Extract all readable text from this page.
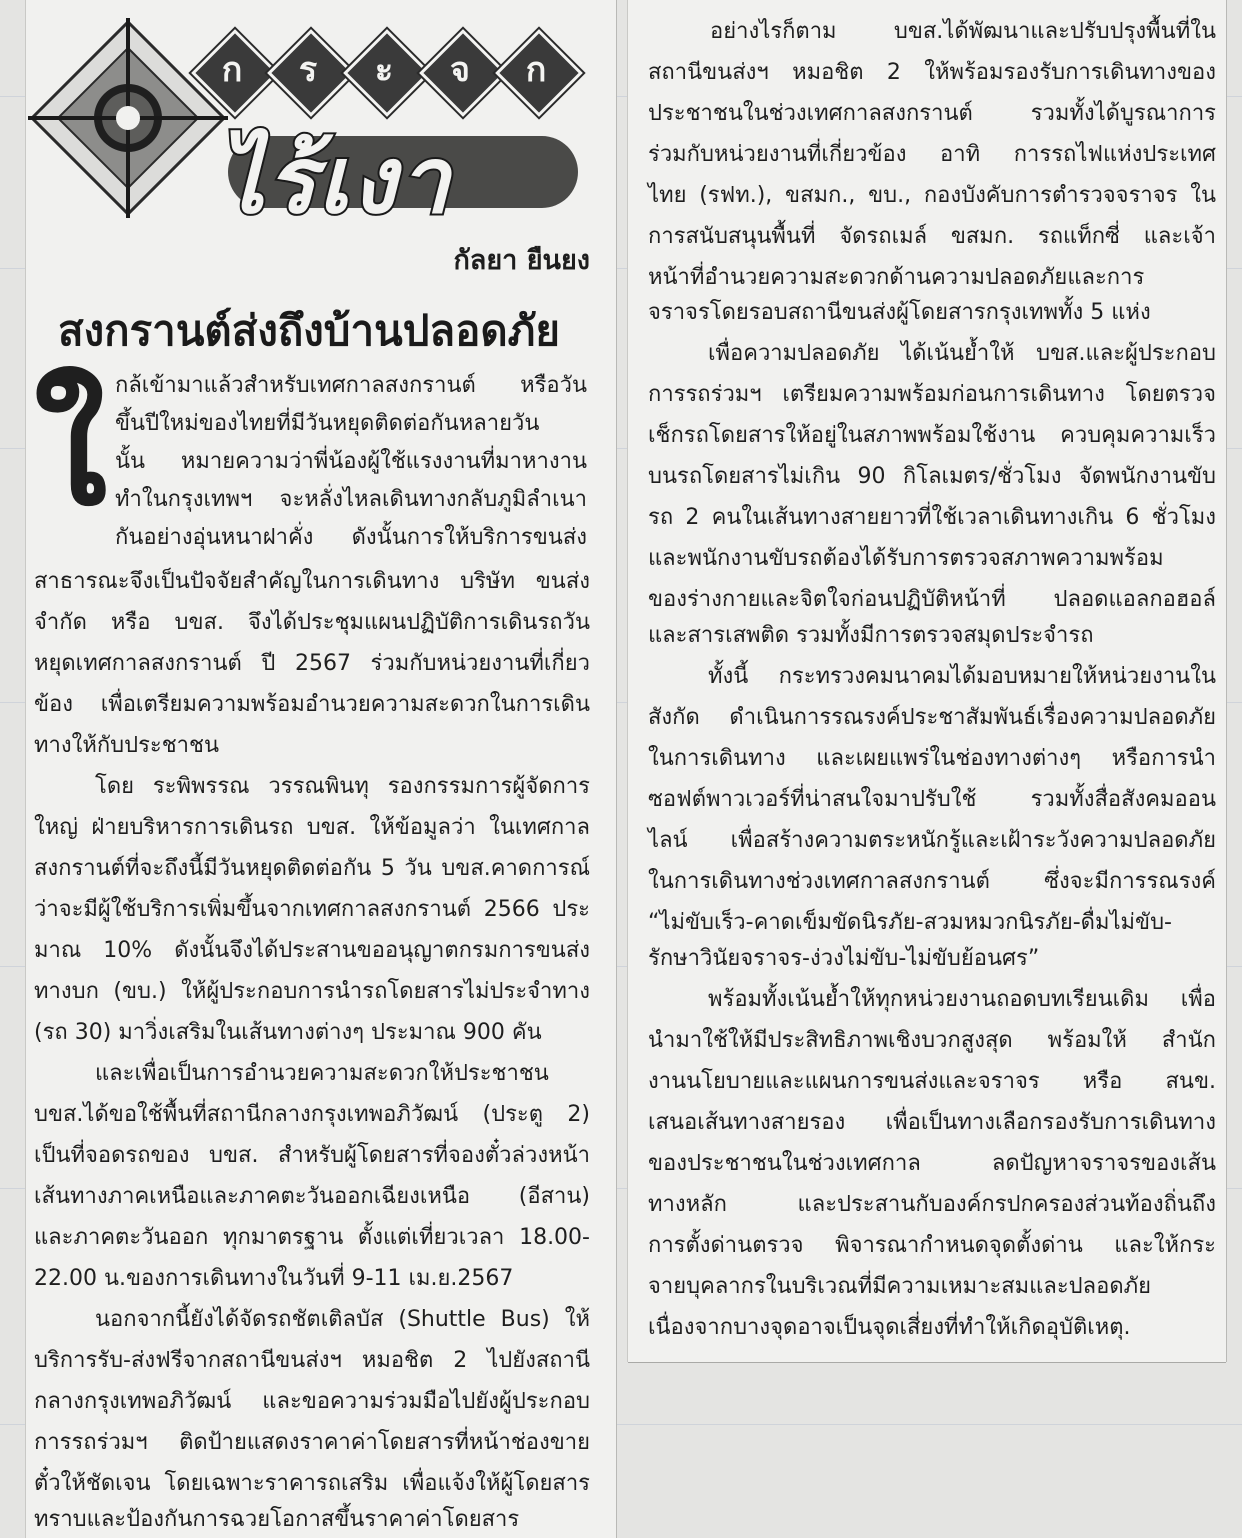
ก	ร	ะ	จ	ก
ไร้เงา

กัลยา ยืนยง

สงกรานต์ส่งถึงบ้านปลอดภัย
ใ กล้เข้ามาแล้วสำหรับเทศกาลสงกรานต์ หรือวัน

ขึ้นปีใหม่ของไทยที่มีวันหยุดติดต่อกันหลายวัน

นั้น หมายความว่าพี่น้องผู้ใช้แรงงานที่มาหางาน

ทำในกรุงเทพฯ จะหลั่งไหลเดินทางกลับภูมิลำเนา

กันอย่างอุ่นหนาฝาคั่ง ดังนั้นการให้บริการขนส่ง

สาธารณะจึงเป็นปัจจัยสำคัญในการเดินทาง บริษัท ขนส่ง

จำกัด หรือ บขส. จึงได้ประชุมแผนปฏิบัติการเดินรถวัน

หยุดเทศกาลสงกรานต์ ปี 2567 ร่วมกับหน่วยงานที่เกี่ยว

ข้อง เพื่อเตรียมความพร้อมอำนวยความสะดวกในการเดิน

ทางให้กับประชาชน

โดย ระพิพรรณ วรรณพินทุ รองกรรมการผู้จัดการ

ใหญ่ ฝ่ายบริหารการเดินรถ บขส. ให้ข้อมูลว่า ในเทศกาล

สงกรานต์ที่จะถึงนี้มีวันหยุดติดต่อกัน 5 วัน บขส.คาดการณ์

ว่าจะมีผู้ใช้บริการเพิ่มขึ้นจากเทศกาลสงกรานต์ 2566 ประ

มาณ 10% ดังนั้นจึงได้ประสานขออนุญาตกรมการขนส่ง

ทางบก (ขบ.) ให้ผู้ประกอบการนำรถโดยสารไม่ประจำทาง

(รถ 30) มาวิ่งเสริมในเส้นทางต่างๆ ประมาณ 900 คัน

และเพื่อเป็นการอำนวยความสะดวกให้ประชาชน

บขส.ได้ขอใช้พื้นที่สถานีกลางกรุงเทพอภิวัฒน์ (ประตู 2)

เป็นที่จอดรถของ บขส. สำหรับผู้โดยสารที่จองตั๋วล่วงหน้า

เส้นทางภาคเหนือและภาคตะวันออกเฉียงเหนือ (อีสาน)

และภาคตะวันออก ทุกมาตรฐาน ตั้งแต่เที่ยวเวลา 18.00-

22.00 น.ของการเดินทางในวันที่ 9-11 เม.ย.2567

นอกจากนี้ยังได้จัดรถชัตเติลบัส (Shuttle Bus) ให้

บริการรับ-ส่งฟรีจากสถานีขนส่งฯ หมอชิต 2 ไปยังสถานี

กลางกรุงเทพอภิวัฒน์ และขอความร่วมมือไปยังผู้ประกอบ

การรถร่วมฯ ติดป้ายแสดงราคาค่าโดยสารที่หน้าช่องขาย

ตั๋วให้ชัดเจน โดยเฉพาะราคารถเสริม เพื่อแจ้งให้ผู้โดยสาร

ทราบและป้องกันการฉวยโอกาสขึ้นราคาค่าโดยสาร

อย่างไรก็ตาม บขส.ได้พัฒนาและปรับปรุงพื้นที่ใน

สถานีขนส่งฯ หมอชิต 2 ให้พร้อมรองรับการเดินทางของ

ประชาชนในช่วงเทศกาลสงกรานต์ รวมทั้งได้บูรณาการ

ร่วมกับหน่วยงานที่เกี่ยวข้อง อาทิ การรถไฟแห่งประเทศ

ไทย (รฟท.), ขสมก., ขบ., กองบังคับการตำรวจจราจร ใน

การสนับสนุนพื้นที่ จัดรถเมล์ ขสมก. รถแท็กซี่ และเจ้า

หน้าที่อำนวยความสะดวกด้านความปลอดภัยและการ

จราจรโดยรอบสถานีขนส่งผู้โดยสารกรุงเทพทั้ง 5 แห่ง

เพื่อความปลอดภัย ได้เน้นย้ำให้ บขส.และผู้ประกอบ

การรถร่วมฯ เตรียมความพร้อมก่อนการเดินทาง โดยตรวจ

เช็กรถโดยสารให้อยู่ในสภาพพร้อมใช้งาน ควบคุมความเร็ว

บนรถโดยสารไม่เกิน 90 กิโลเมตร/ชั่วโมง จัดพนักงานขับ

รถ 2 คนในเส้นทางสายยาวที่ใช้เวลาเดินทางเกิน 6 ชั่วโมง

และพนักงานขับรถต้องได้รับการตรวจสภาพความพร้อม

ของร่างกายและจิตใจก่อนปฏิบัติหน้าที่ ปลอดแอลกอฮอล์

และสารเสพติด รวมทั้งมีการตรวจสมุดประจำรถ

ทั้งนี้ กระทรวงคมนาคมได้มอบหมายให้หน่วยงานใน

สังกัด ดำเนินการรณรงค์ประชาสัมพันธ์เรื่องความปลอดภัย

ในการเดินทาง และเผยแพร่ในช่องทางต่างๆ หรือการนำ

ซอฟต์พาวเวอร์ที่น่าสนใจมาปรับใช้ รวมทั้งสื่อสังคมออน

ไลน์ เพื่อสร้างความตระหนักรู้และเฝ้าระวังความปลอดภัย

ในการเดินทางช่วงเทศกาลสงกรานต์ ซึ่งจะมีการรณรงค์

“ไม่ขับเร็ว-คาดเข็มขัดนิรภัย-สวมหมวกนิรภัย-ดื่มไม่ขับ-

รักษาวินัยจราจร-ง่วงไม่ขับ-ไม่ขับย้อนศร”

พร้อมทั้งเน้นย้ำให้ทุกหน่วยงานถอดบทเรียนเดิม เพื่อ

นำมาใช้ให้มีประสิทธิภาพเชิงบวกสูงสุด พร้อมให้ สำนัก

งานนโยบายและแผนการขนส่งและจราจร หรือ สนข.

เสนอเส้นทางสายรอง เพื่อเป็นทางเลือกรองรับการเดินทาง

ของประชาชนในช่วงเทศกาล ลดปัญหาจราจรของเส้น

ทางหลัก และประสานกับองค์กรปกครองส่วนท้องถิ่นถึง

การตั้งด่านตรวจ พิจารณากำหนดจุดตั้งด่าน และให้กระ

จายบุคลากรในบริเวณที่มีความเหมาะสมและปลอดภัย

เนื่องจากบางจุดอาจเป็นจุดเสี่ยงที่ทำให้เกิดอุบัติเหตุ.
